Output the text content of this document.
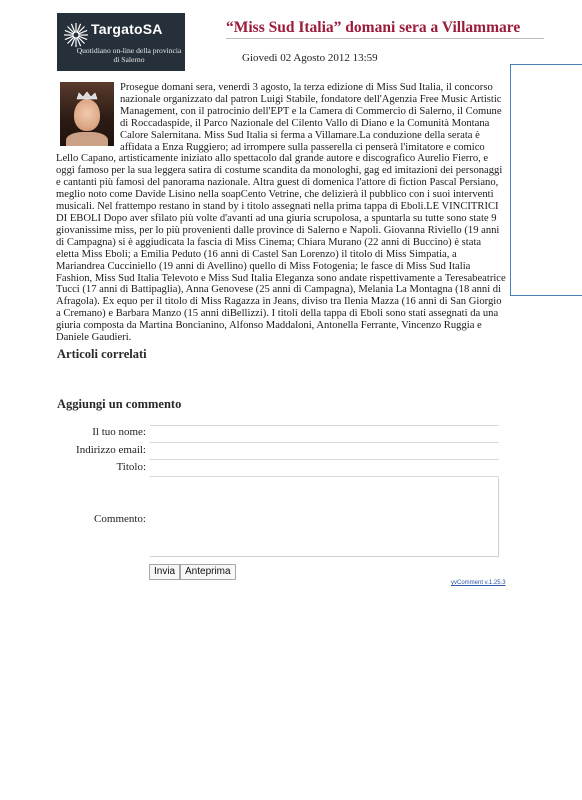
TargatoSA
Quotidiano on-line della provincia di Salerno
“Miss Sud Italia” domani sera a Villammare
Giovedì 02 Agosto 2012 13:59

Prosegue domani sera, venerdì 3 agosto, la terza edizione di Miss Sud Italia, il concorso nazionale organizzato dal patron Luigi Stabile, fondatore dell'Agenzia Free Music Artistic Management, con il patrocinio dell'EPT e la Camera di Commercio di Salerno, il Comune di Roccadaspide, il Parco Nazionale del Cilento Vallo di Diano e la Comunità Montana Calore Salernitana. Miss Sud Italia si ferma a Villamare.La conduzione della serata è affidata a Enza Ruggiero; ad irrompere sulla passerella ci penserà l'imitatore e comico Lello Capano, artisticamente iniziato allo spettacolo dal grande autore e discografico Aurelio Fierro, e oggi famoso per la sua leggera satira di costume scandita da monologhi, gag ed imitazioni dei personaggi e cantanti più famosi del panorama nazionale. Altra guest di domenica l'attore di fiction Pascal Persiano, meglio noto come Davide Lisino nella soapCento Vetrine, che delizierà il pubblico con i suoi interventi musicali. Nel frattempo restano in stand by i titolo assegnati nella prima tappa di Eboli.LE VINCITRICI DI EBOLI Dopo aver sfilato più volte d'avanti ad una giuria scrupolosa, a spuntarla su tutte sono state 9 giovanissime miss, per lo più provenienti dalle province di Salerno e Napoli. Giovanna Riviello (19 anni di Campagna) si è aggiudicata la fascia di Miss Cinema; Chiara Murano (22 anni di Buccino) è stata eletta Miss Eboli; a Emilia Peduto (16 anni di Castel San Lorenzo) il titolo di Miss Simpatia, a Mariandrea Cucciniello (19 anni di Avellino) quello di Miss Fotogenia; le fasce di Miss Sud Italia Fashion, Miss Sud Italia Televoto e Miss Sud Italia Eleganza sono andate rispettivamente a Teresabeatrice Tucci (17 anni di Battipaglia), Anna Genovese (25 anni di Campagna), Melania La Montagna (18 anni di Afragola). Ex equo per il titolo di Miss Ragazza in Jeans, diviso tra Ilenia Mazza (16 anni di San Giorgio a Cremano) e Barbara Manzo (15 anni diBellizzi). I titoli della tappa di Eboli sono stati assegnati da una giuria composta da Martina Boncianino, Alfonso Maddaloni, Antonella Ferrante, Vincenzo Ruggia e Daniele Gaudieri.

Articoli correlati
Aggiungi un commento
Il tuo nome:
Indirizzo email:
Titolo:
Commento:
Invia Anteprima
yvComment v.1.25.3
